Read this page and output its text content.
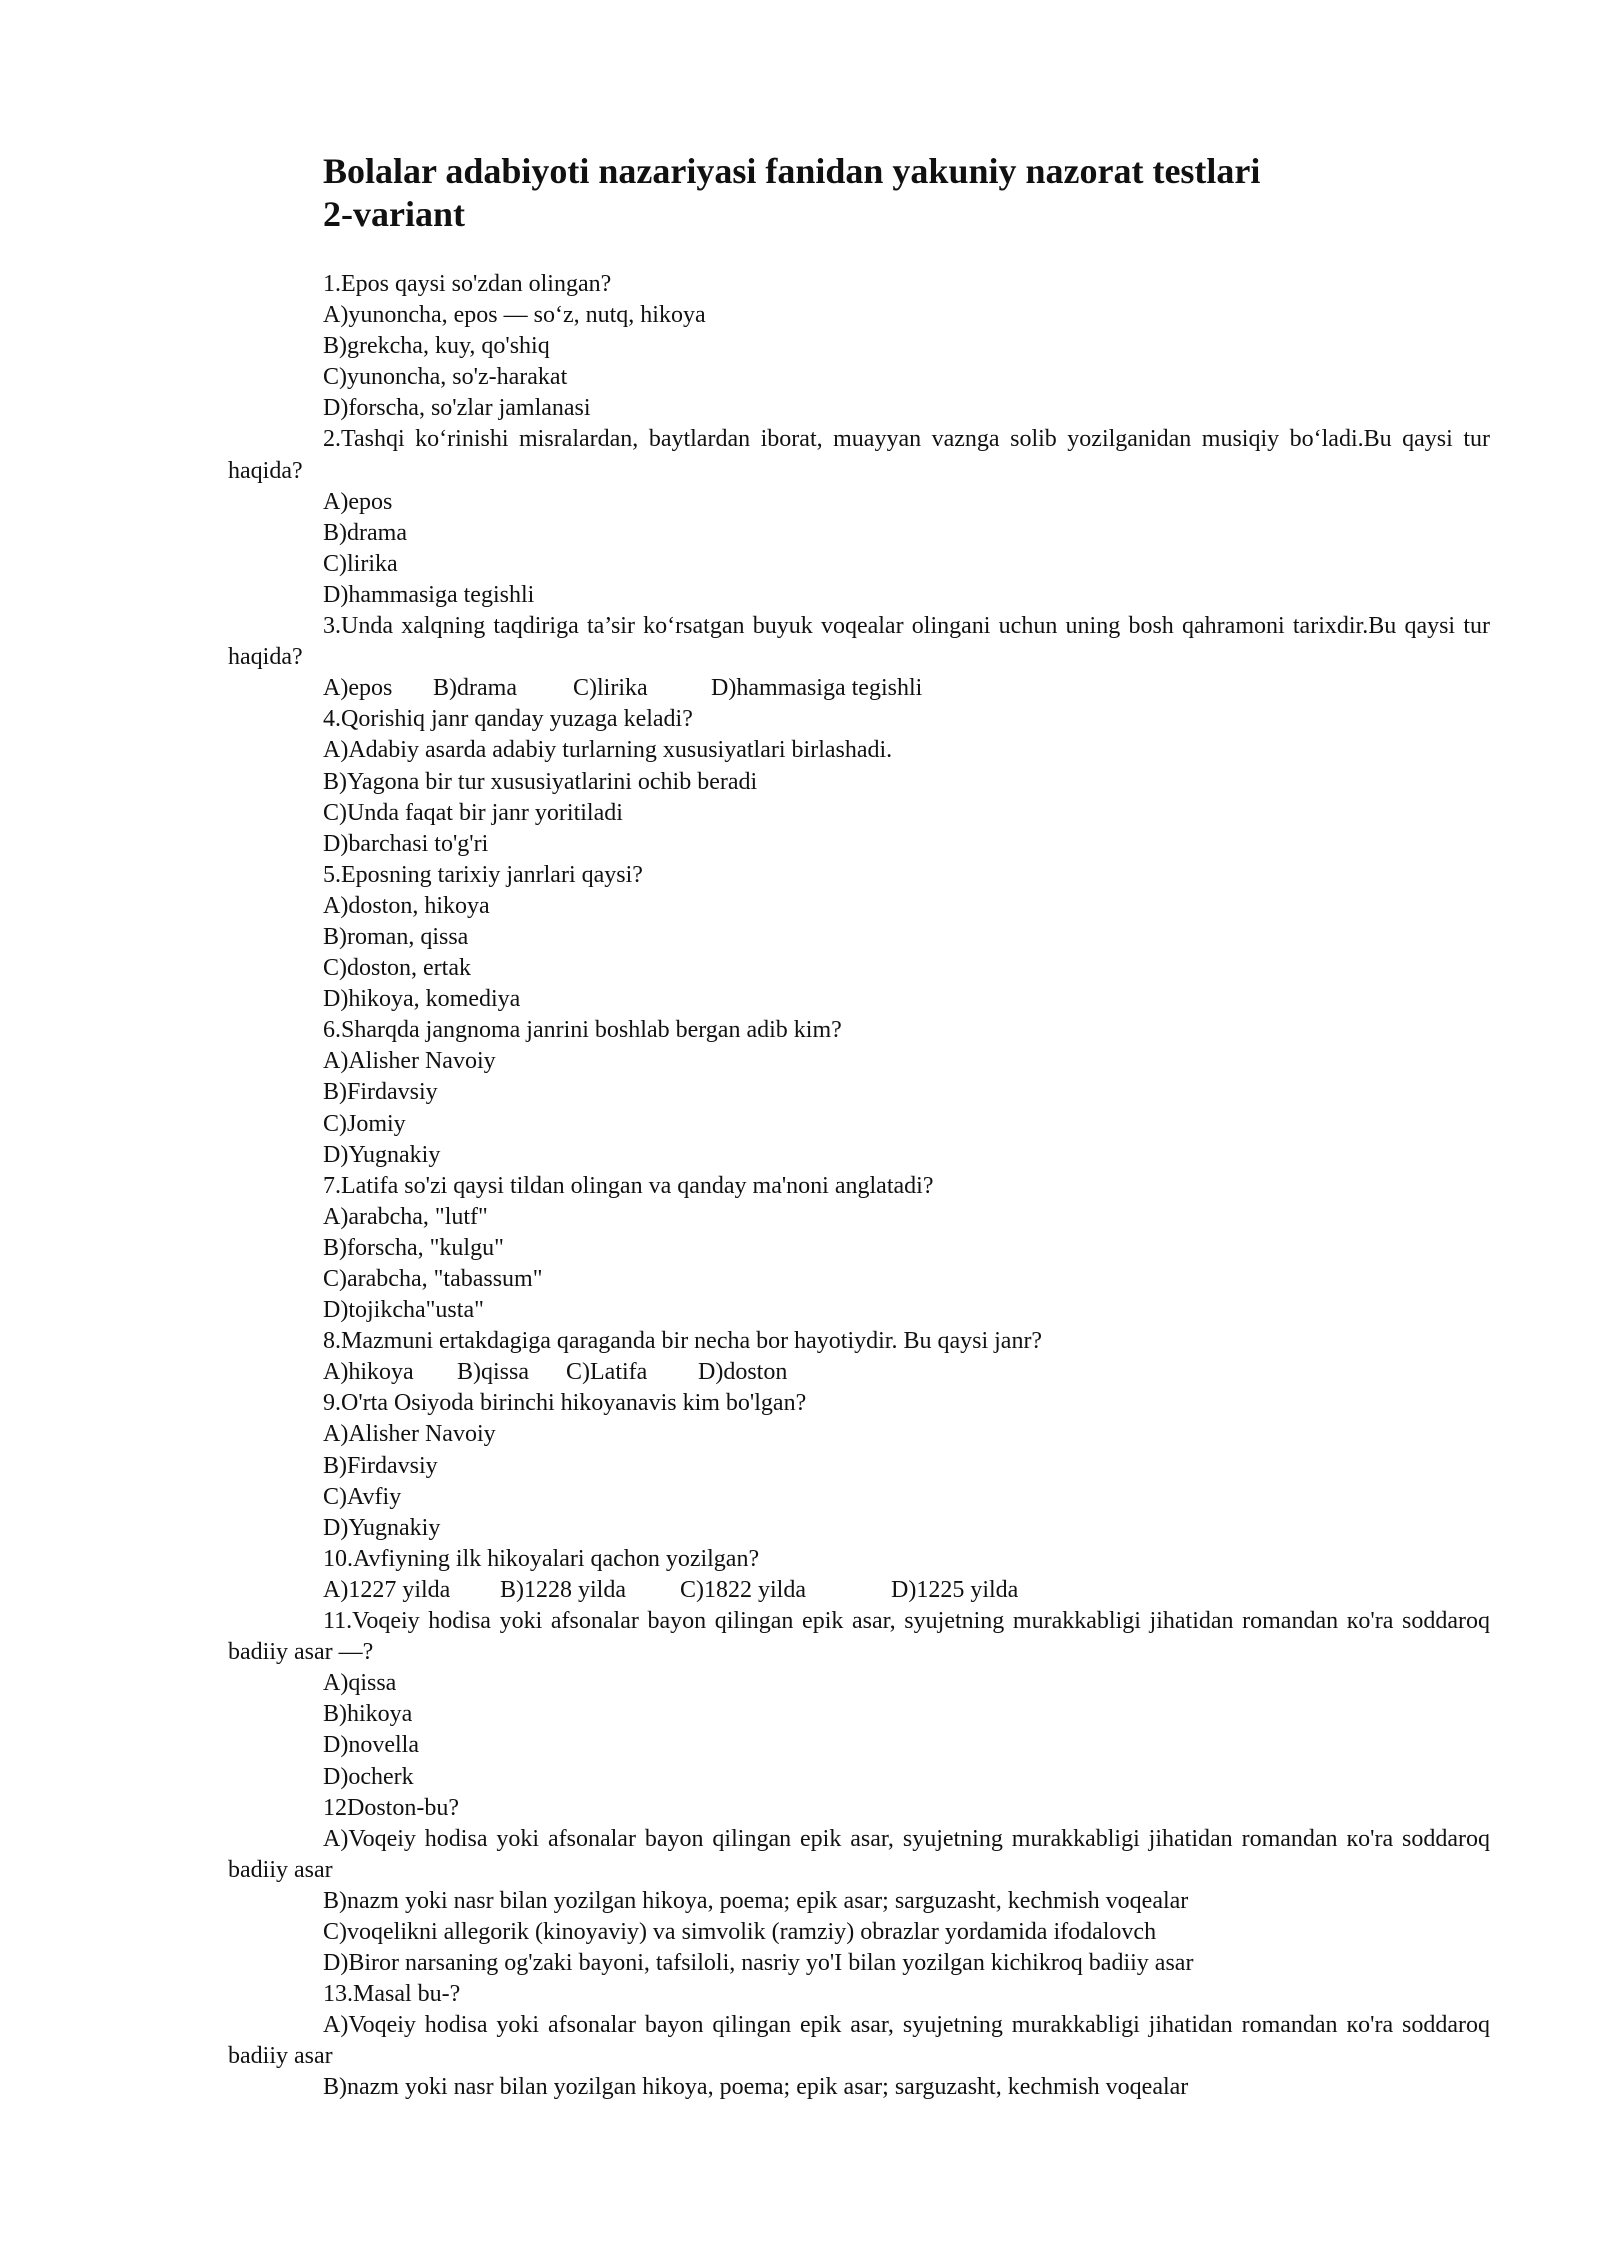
Bolalar adabiyoti nazariyasi fanidan yakuniy nazorat testlari
2-variant
1.Epos qaysi so'zdan olingan?
A)yunoncha, epos — so‘z, nutq, hikoya
B)grekcha, kuy, qo'shiq
C)yunoncha, so'z-harakat
D)forscha, so'zlar jamlanasi
2.Tashqi ko‘rinishi misralardan, baytlardan iborat, muayyan vaznga solib yozilganidan musiqiy bo‘ladi.Bu qaysi tur haqida?
A)epos
B)drama
C)lirika
D)hammasiga tegishli
3.Unda xalqning taqdiriga ta’sir ko‘rsatgan buyuk voqealar olingani uchun uning bosh qahramoni tarixdir.Bu qaysi tur haqida?
A)epos B)drama C)lirika	D)hammasiga tegishli
4.Qorishiq janr qanday yuzaga keladi?
A)Adabiy asarda adabiy turlarning xususiyatlari birlashadi.
B)Yagona bir tur xususiyatlarini ochib beradi
C)Unda faqat bir janr yoritiladi
D)barchasi to'g'ri
5.Eposning tarixiy janrlari qaysi?
A)doston, hikoya
B)roman, qissa
C)doston, ertak
D)hikoya, komediya
6.Sharqda jangnoma janrini boshlab bergan adib kim?
A)Alisher Navoiy
B)Firdavsiy
C)Jomiy
D)Yugnakiy
7.Latifa so'zi qaysi tildan olingan va qanday ma'noni anglatadi?
A)arabcha, "lutf"
B)forscha, "kulgu"
C)arabcha, "tabassum"
D)tojikcha"usta"
8.Mazmuni ertakdagiga qaraganda bir necha bor hayotiydir. Bu qaysi janr?
A)hikoya B)qissa C)Latifa D)doston
9.O'rta Osiyoda birinchi hikoyanavis kim bo'lgan?
A)Alisher Navoiy
B)Firdavsiy
C)Avfiy
D)Yugnakiy
10.Avfiyning ilk hikoyalari qachon yozilgan?
A)1227 yilda B)1228 yilda C)1822 yilda	D)1225 yilda
11.Voqeiy hodisa yoki afsonalar bayon qilingan epik asar, syujetning murakkabligi jihatidan romandan кo'ra soddaroq badiiy asar —?
A)qissa
B)hikoya
D)novella
D)ocherk
12Doston-bu?
A)Voqeiy hodisa yoki afsonalar bayon qilingan epik asar, syujetning murakkabligi jihatidan romandan кo'ra soddaroq badiiy asar
B)nazm yoki nasr bilan yozilgan hikoya, poema; epik asar; sarguzasht, kechmish voqealar
C)voqelikni allegorik (kinoyaviy) va simvolik (ramziy) obrazlar yordamida ifodalovch
D)Biror narsaning og'zaki bayoni, tafsiloli, nasriy yo'I bilan yozilgan kichikroq badiiy asar
13.Masal bu-?
A)Voqeiy hodisa yoki afsonalar bayon qilingan epik asar, syujetning murakkabligi jihatidan romandan кo'ra soddaroq badiiy asar
B)nazm yoki nasr bilan yozilgan hikoya, poema; epik asar; sarguzasht, kechmish voqealar
